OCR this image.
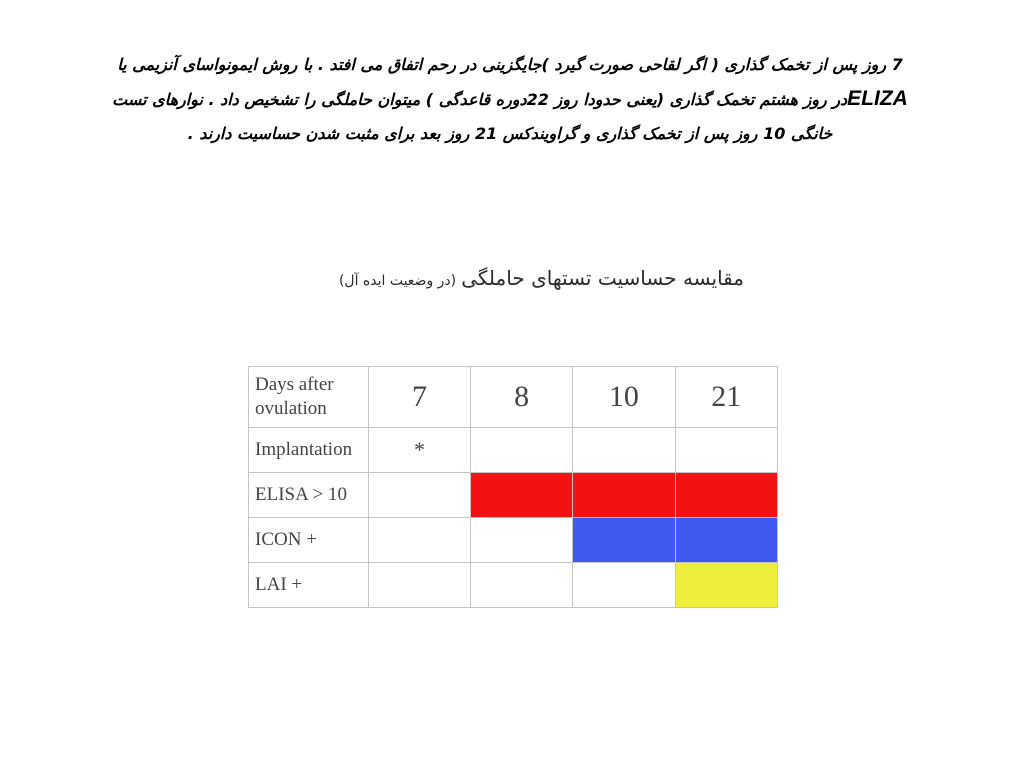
7 روز پس از تخمک گذاری ( اگر لقاحی صورت گیرد )جایگزینی در رحم اتفاق می افتد . با روش ایمونواسای آنزیمی یا
ELIZAدر روز هشتم تخمک گذاری (یعنی حدودا روز 22دوره قاعدگی ) میتوان حاملگی را تشخیص داد . نوارهای تست
خانگی 10 روز پس از تخمک گذاری و گراویندکس 21 روز بعد برای مثبت شدن حساسیت دارند .
مقایسه حساسیت تستهای حاملگی (در وضعیت ایده آل)
Days after ovulation	7	8	10	21
Implantation	*			
ELISA > 10				
ICON +				
LAI +				
